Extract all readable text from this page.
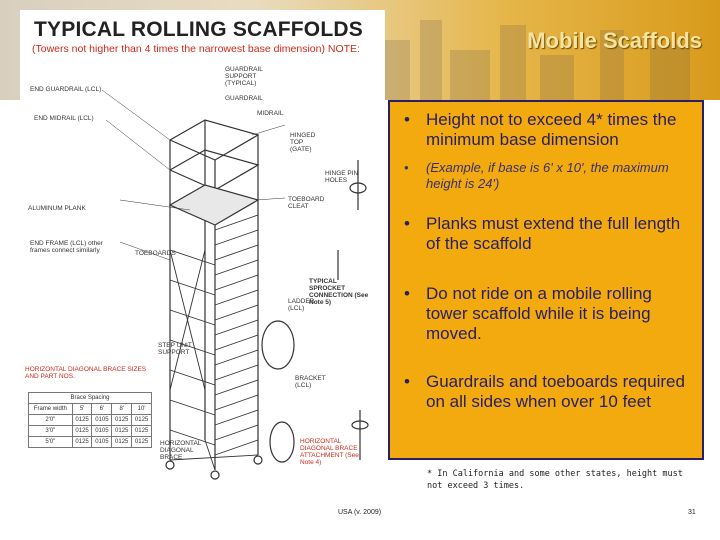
Mobile Scaffolds
TYPICAL ROLLING SCAFFOLDS
(Towers not higher than 4 times the narrowest base dimension) NOTE:
GUARDRAIL SUPPORT (TYPICAL)
GUARDRAIL
END GUARDRAIL (LCL)
END MIDRAIL (LCL)
MIDRAIL
HINGED TOP (GATE)
HINGE PIN HOLES
TOEBOARD CLEAT
ALUMINUM PLANK
END FRAME (LCL) other frames connect similarly	TOEBOARDS
LADDER (LCL)
TYPICAL SPROCKET CONNECTION (See Note 5)
STEP UNIT SUPPORT
BRACKET (LCL)
HORIZONTAL DIAGONAL BRACE SIZES AND PART NOS.
HORIZONTAL DIAGONAL BRACE
HORIZONTAL DIAGONAL BRACE ATTACHMENT (See Note 4)
Brace Spacing				
Frame width	5'	6'	8'	10'
2'0"	0125	0105	0125	0125
3'0"	0125	0105	0125	0125
5'0"	0125	0105	0125	0125
• Height not to exceed 4* times the minimum base dimension
• (Example, if base is 6' x 10', the maximum height is 24')
• Planks must extend the full length of the scaffold
• Do not ride on a mobile rolling tower scaffold while it is being moved.
• Guardrails and toeboards required on all sides when over 10 feet
* In California and some other states, height must not exceed 3 times.
USA (v. 2009)	31
